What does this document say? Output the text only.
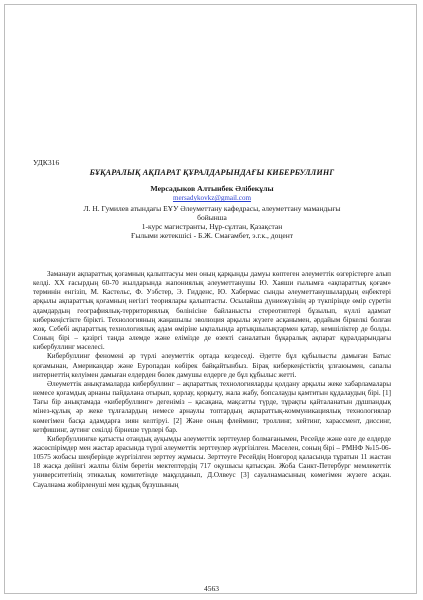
УДК316
БҰҚАРАЛЫҚ АҚПАРАТ ҚҰРАЛДАРЫНДАҒЫ КИБЕРБУЛЛИНГ
Мерсадыков Алтынбек Әлібекұлы
mersadykovkz@gmail.com
Л. Н. Гумилев атындағы ЕҰУ Әлеуметтану кафедрасы, әлеуметтану мамандығы
бойынша
1-курс магистранты, Нұр-сұлтан, Қазақстан
Ғылыми жетекшісі - Б.Ж. Смағамбет, э.г.к., доцент

Заманауи ақпараттық қоғамның қалыптасуы мен оның қарқынды дамуы көптеген әлеуметтік өзгерістерге алып келді. XX ғасырдың 60-70 жылдарында жапониялық әлеуметтанушы Ю. Хаяши ғылымға «ақпараттық қоғам» терминін енгізіп, М. Кастельс, Ф. Уэбстер, Э. Гидденс, Ю. Хабермас сынды әлеуметтанушылардың еңбектері арқылы ақпараттық қоғамның негізгі теориялары қалыптасты. Осылайша дүниежүзінің әр түкпірінде өмір сүретін адамдардың географиялық-территориялық бөлінісіне байланысты стереотиптері бұзылып, күллі адамзат киберкеңістікте бірікті. Технологияның жаңашылы эволюция арқылы жүзеге асқанымен, әрдайым біркелкі болған жоқ. Себебі ақпараттық технологиялық адам өміріне ықпалында артықшылықтармен қатар, кемшіліктер де болды. Соның бірі – қазіргі таңда әлемде және елімізде де өзекті саналатын бұқаралық ақпарат құралдарындағы кибербуллинг мәселесі.

Кибербуллинг феномені әр түрлі әлеуметтік ортада кездеседі. Әдетте бұл құбылысты дамыған Батыс қоғамынан, Американдар және Еуропадан көбірек байқайтынбыз. Бірақ киберкеңістіктің ұлғаюымен, сапалы интернеттің келуімен дамыған елдерден бөлек дамушы елдерге де бұл құбылыс жетті.

Әлеуметтік анықтамаларда кибербуллинг – ақпараттық технологияларды қолдану арқылы жеке хабарламалары немесе қоғамдық арнаны пайдалана отырып, қорлау, қорқыту, жала жабу, бопсалауды қамтитын құдалаудың бірі. [1] Тағы бір анықтамада «кибербуллинг» дегеніміз – қасақана, мақсатты түрде, тұрақты қайталанатын дұшпандық мінез-құлық әр жеке тұлғалардың немесе арнаулы топтардың ақпараттық-коммуникациялық технологиялар көмегімен басқа адамдарға зиян келтіруі. [2] Және оның флейминг, троллинг, хейтинг, харассмент, диссинг, кетфишинг, аутинг секілді бірнеше түрлері бар.

Кибербуллингке қатысты отандық ауқымды әлеуметтік зерттеулер болмағанымен, Ресейде және өзге де елдерде жасөспірімдер мен жастар арасында түрлі әлеуметтік зерттеулер жүргізілген. Мәселен, соның бірі – РМНФ №15-06-10575 жобасы шеңберінде жүргізілген зерттеу жұмысы. Зерттеуге Ресейдің Новгород қаласында тұратын 11 жастан 18 жасқа дейінгі жалпы білім беретін мектептердің 717 оқушысы қатысқан. Жоба Санкт-Петербург мемлекеттік университетінің этикалық комитетінде мақұлданып, Д.Олвеус [3] сауалнамасының көмегімен жүзеге асқан. Сауалнама жөбірленуші мен құдық бұзушының

4563
